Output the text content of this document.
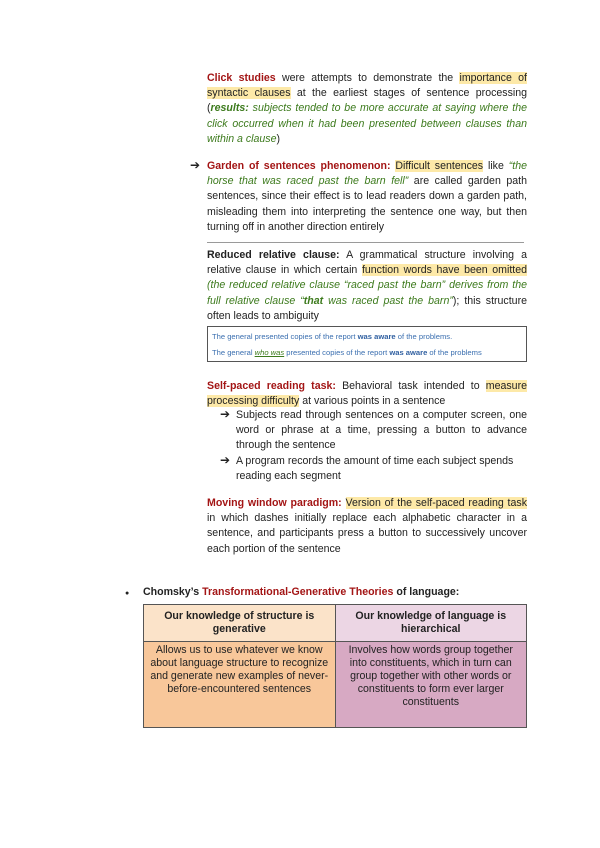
Click studies were attempts to demonstrate the importance of syntactic clauses at the earliest stages of sentence processing (results: subjects tended to be more accurate at saying where the click occurred when it had been presented between clauses than within a clause)
➔ Garden of sentences phenomenon: Difficult sentences like “the horse that was raced past the barn fell” are called garden path sentences, since their effect is to lead readers down a garden path, misleading them into interpreting the sentence one way, but then turning off in another direction entirely
Reduced relative clause: A grammatical structure involving a relative clause in which certain function words have been omitted (the reduced relative clause “raced past the barn” derives from the full relative clause “that was raced past the barn”); this structure often leads to ambiguity
The general presented copies of the report was aware of the problems.
The general who was presented copies of the report was aware of the problems
Self-paced reading task: Behavioral task intended to measure processing difficulty at various points in a sentence
➔ Subjects read through sentences on a computer screen, one word or phrase at a time, pressing a button to advance through the sentence
➔ A program records the amount of time each subject spends reading each segment
Moving window paradigm: Version of the self-paced reading task in which dashes initially replace each alphabetic character in a sentence, and participants press a button to successively uncover each portion of the sentence
● Chomsky’s Transformational-Generative Theories of language:
Our knowledge of structure is generative	Our knowledge of language is hierarchical
Allows us to use whatever we know about language structure to recognize and generate new examples of never-before-encountered sentences	Involves how words group together into constituents, which in turn can group together with other words or constituents to form ever larger constituents
